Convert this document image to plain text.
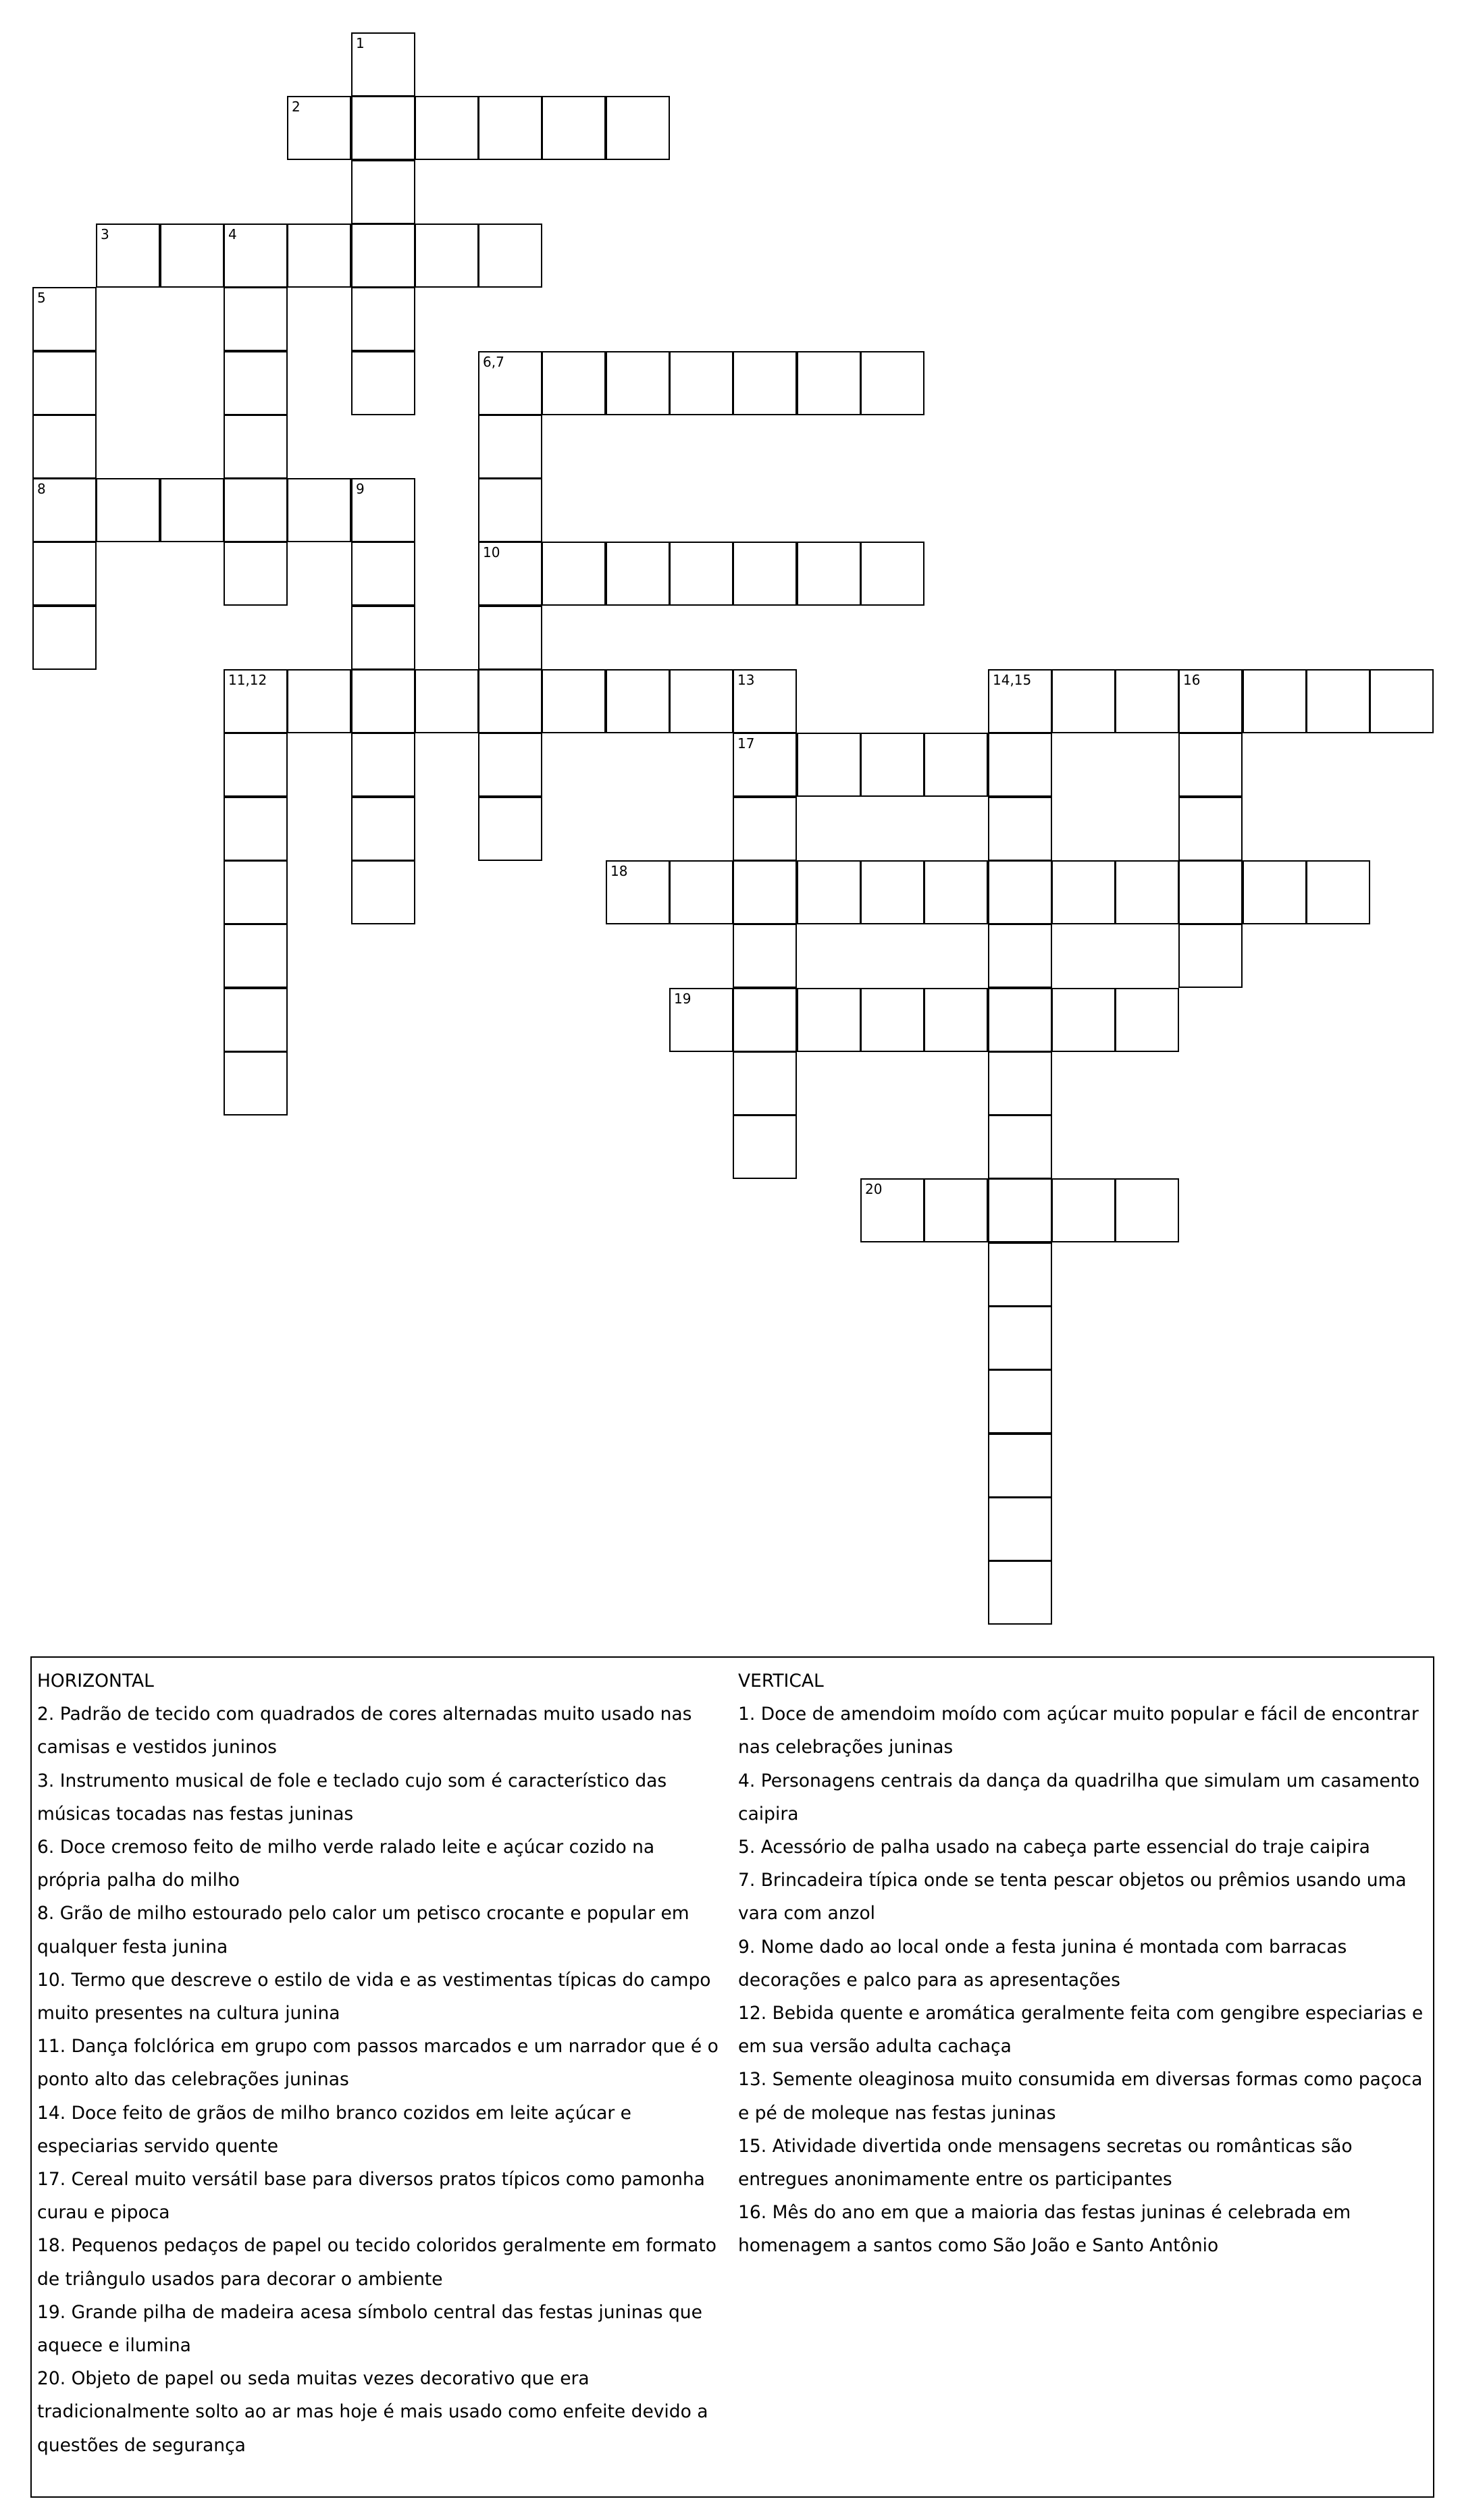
1
2
3	4
5
6,7
8	9
10
11,12	13	14,15	16
17
18
19
20

HORIZONTAL

2. Padrão de tecido com quadrados de cores alternadas muito usado nas

camisas e vestidos juninos

3. Instrumento musical de fole e teclado cujo som é característico das

músicas tocadas nas festas juninas

6. Doce cremoso feito de milho verde ralado leite e açúcar cozido na

própria palha do milho

8. Grão de milho estourado pelo calor um petisco crocante e popular em

qualquer festa junina

10. Termo que descreve o estilo de vida e as vestimentas típicas do campo

muito presentes na cultura junina

11. Dança folclórica em grupo com passos marcados e um narrador que é o

ponto alto das celebrações juninas

14. Doce feito de grãos de milho branco cozidos em leite açúcar e

especiarias servido quente

17. Cereal muito versátil base para diversos pratos típicos como pamonha

curau e pipoca

18. Pequenos pedaços de papel ou tecido coloridos geralmente em formato

de triângulo usados para decorar o ambiente

19. Grande pilha de madeira acesa símbolo central das festas juninas que

aquece e ilumina

20. Objeto de papel ou seda muitas vezes decorativo que era

tradicionalmente solto ao ar mas hoje é mais usado como enfeite devido a

questões de segurança

VERTICAL

1. Doce de amendoim moído com açúcar muito popular e fácil de encontrar

nas celebrações juninas

4. Personagens centrais da dança da quadrilha que simulam um casamento

caipira

5. Acessório de palha usado na cabeça parte essencial do traje caipira

7. Brincadeira típica onde se tenta pescar objetos ou prêmios usando uma

vara com anzol

9. Nome dado ao local onde a festa junina é montada com barracas

decorações e palco para as apresentações

12. Bebida quente e aromática geralmente feita com gengibre especiarias e

em sua versão adulta cachaça

13. Semente oleaginosa muito consumida em diversas formas como paçoca

e pé de moleque nas festas juninas

15. Atividade divertida onde mensagens secretas ou românticas são

entregues anonimamente entre os participantes

16. Mês do ano em que a maioria das festas juninas é celebrada em

homenagem a santos como São João e Santo Antônio
